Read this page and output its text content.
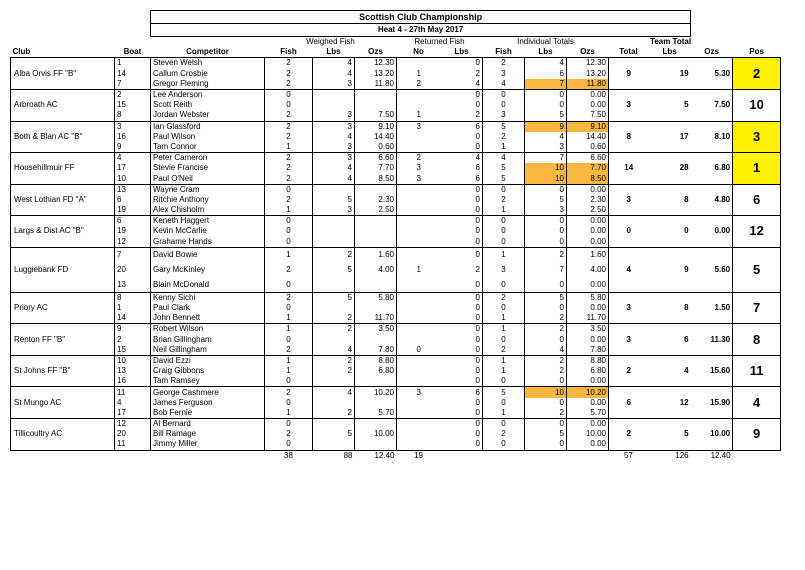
		Scottish Club Championship												
		Heat 4 - 27th May 2017												
			Weighed Fish			Returned Fish		Individual Totals			Team Total			
Club	Boat	Competitor	Fish	Lbs	Ozs	No	Lbs	Fish	Lbs	Ozs	Total	Lbs	Ozs	Pos
Alba Orvis FF "B"	1	Steven Welsh	2	4	12.30		0	2	4	12.30	9	19	5.30	2
	14	Callum Crosbie	2	4	13.20	1	2	3	6	13.20				
	7	Gregor Fleming	2	3	11.80	2	4	4	7	11.80				
Arbroath AC	2	Lee Anderson	0				0	0	0	0.00	3	5	7.50	10
	15	Scott Reith	0				0	0	0	0.00				
	8	Jordan Webster	2	3	7.50	1	2	3	5	7.50				
Both & Blan AC "B"	3	Ian Glassford	2	3	9.10	3	6	5	9	9.10	8	17	8.10	3
	16	Paul Wilson	2	4	14.40		0	2	4	14.40				
	9	Tam Connor	1	3	0.60		0	1	3	0.60				
Househillmuir FF	4	Peter Cameron	2	3	6.60	2	4	4	7	6.60	14	28	6.80	1
	17	Stevie Francise	2	4	7.70	3	6	5	10	7.70				
	10	Paul O'Neil	2	4	8.50	3	6	5	10	8.50				
West Lothian FD "A"	13	Wayne Cram	0				0	0	0	0.00	3	8	4.80	6
	6	Ritchie Anthony	2	5	2.30		0	2	5	2.30				
	19	Alex Chisholm	1	3	2.50		0	1	3	2.50				
Largs & Dist AC "B"	6	Keneth Haggert	0				0	0	0	0.00	0	0	0.00	12
	19	Kevin McCarlie	0				0	0	0	0.00				
	12	Grahame Hands	0				0	0	0	0.00				
Luggiebank FD	7	David Bowie	1	2	1.60		0	1	2	1.60	4	9	5.60	5
	20	Gary McKinley	2	5	4.00	1	2	3	7	4.00				
	13	Blain McDonald	0				0	0	0	0.00				
Priory AC	8	Kenny Sichi	2	5	5.80		0	2	5	5.80	3	8	1.50	7
	1	Paul Clark	0				0	0	0	0.00				
	14	John Bennett	1	2	11.70		0	1	2	11.70				
Renton FF "B"	9	Robert Wilson	1	2	3.50		0	1	2	3.50	3	6	11.30	8
	2	Brian Gillingham	0				0	0	0	0.00				
	15	Neil Gillingham	2	4	7.80	0	0	2	4	7.80				
St Johns FF "B"	10	David Ezzi	1	2	8.80		0	1	2	8.80	2	4	15.60	11
	13	Craig Gibbons	1	2	6.80		0	1	2	6.80				
	16	Tam Ramsey	0				0	0	0	0.00				
St Mungo AC	11	George Cashmere	2	4	10.20	3	6	5	10	10.20	6	12	15.90	4
	4	James Ferguson	0				0	0	0	0.00				
	17	Bob Fernie	1	2	5.70		0	1	2	5.70				
Tillicoultry AC	12	Al Bernard	0				0	0	0	0.00	2	5	10.00	9
	20	Bill Ramage	2	5	10.00		0	2	5	10.00				
	11	Jimmy Miller	0				0	0	0	0.00				
			38	88	12.40	19					57	126	12.40	
